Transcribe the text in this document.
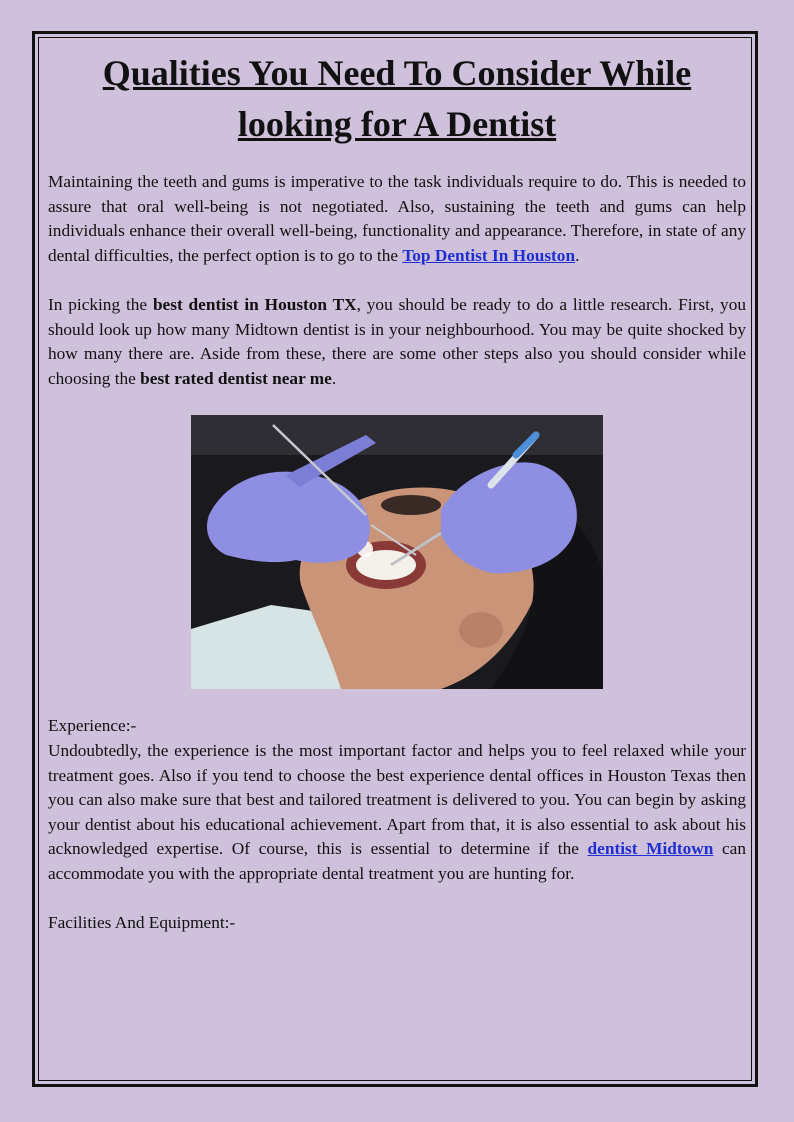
Qualities You Need To Consider While looking for A Dentist

Maintaining the teeth and gums is imperative to the task individuals require to do. This is needed to assure that oral well-being is not negotiated. Also, sustaining the teeth and gums can help individuals enhance their overall well-being, functionality and appearance. Therefore, in state of any dental difficulties, the perfect option is to go to the Top Dentist In Houston.

In picking the best dentist in Houston TX, you should be ready to do a little research. First, you should look up how many Midtown dentist is in your neighbourhood. You may be quite shocked by how many there are. Aside from these, there are some other steps also you should consider while choosing the best rated dentist near me.

Experience:-

Undoubtedly, the experience is the most important factor and helps you to feel relaxed while your treatment goes. Also if you tend to choose the best experience dental offices in Houston Texas then you can also make sure that best and tailored treatment is delivered to you. You can begin by asking your dentist about his educational achievement. Apart from that, it is also essential to ask about his acknowledged expertise. Of course, this is essential to determine if the dentist Midtown can accommodate you with the appropriate dental treatment you are hunting for.

Facilities And Equipment:-
